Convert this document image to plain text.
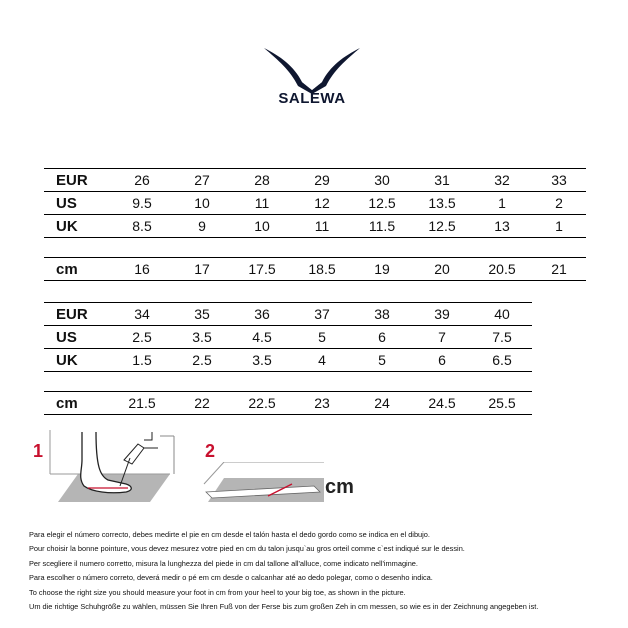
SALEWA
EUR	26	27	28	29	30	31	32	33
US	9.5	10	11	12	12.5	13.5	1	2
UK	8.5	9	10	11	11.5	12.5	13	1
cm	16	17	17.5	18.5	19	20	20.5	21
EUR	34	35	36	37	38	39	40
US	2.5	3.5	4.5	5	6	7	7.5
UK	1.5	2.5	3.5	4	5	6	6.5
cm	21.5	22	22.5	23	24	24.5	25.5
1	2
cm
Para elegir el número correcto, debes medirte el pie en cm desde el talón hasta el dedo gordo como se indica en el dibujo.
Pour choisir la bonne pointure, vous devez mesurez votre pied en cm du talon jusqu`au gros orteil comme c`est indiqué sur le dessin.
Per scegliere il numero corretto, misura la lunghezza del piede in cm dal tallone all'alluce, come indicato nell'immagine.
Para escolher o número correto, deverá medir o pé em cm desde o calcanhar até ao dedo polegar, como o desenho indica.
To choose the right size you should measure your foot in cm from your heel to your big toe, as shown in the picture.
Um die richtige Schuhgröße zu wählen, müssen Sie Ihren Fuß von der Ferse bis zum großen Zeh in cm messen, so wie es in der Zeichnung angegeben ist.
